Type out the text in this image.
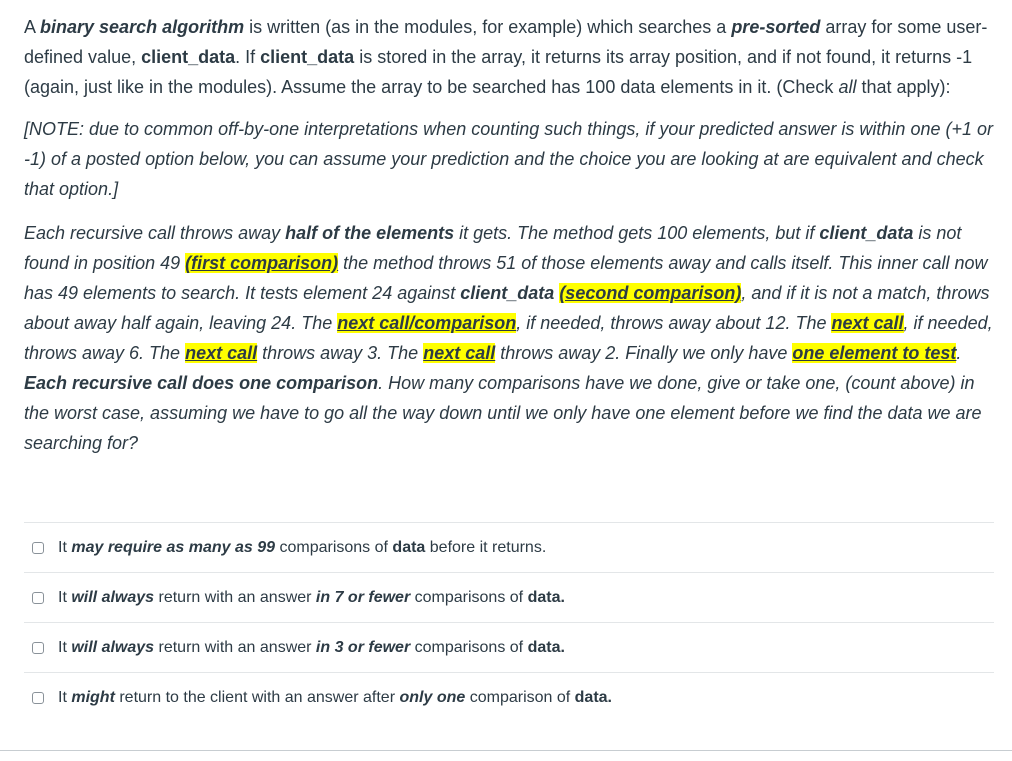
A binary search algorithm is written (as in the modules, for example) which searches a pre-sorted array for some user-defined value, client_data. If client_data is stored in the array, it returns its array position, and if not found, it returns -1 (again, just like in the modules). Assume the array to be searched has 100 data elements in it. (Check all that apply):

[NOTE: due to common off-by-one interpretations when counting such things, if your predicted answer is within one (+1 or -1) of a posted option below, you can assume your prediction and the choice you are looking at are equivalent and check that option.]

Each recursive call throws away half of the elements it gets. The method gets 100 elements, but if client_data is not found in position 49 (first comparison) the method throws 51 of those elements away and calls itself. This inner call now has 49 elements to search. It tests element 24 against client_data (second comparison), and if it is not a match, throws about away half again, leaving 24. The next call/comparison, if needed, throws away about 12. The next call, if needed, throws away 6. The next call throws away 3. The next call throws away 2. Finally we only have one element to test. Each recursive call does one comparison. How many comparisons have we done, give or take one, (count above) in the worst case, assuming we have to go all the way down until we only have one element before we find the data we are searching for?

It may require as many as 99 comparisons of data before it returns.
It will always return with an answer in 7 or fewer comparisons of data.
It will always return with an answer in 3 or fewer comparisons of data.
It might return to the client with an answer after only one comparison of data.
